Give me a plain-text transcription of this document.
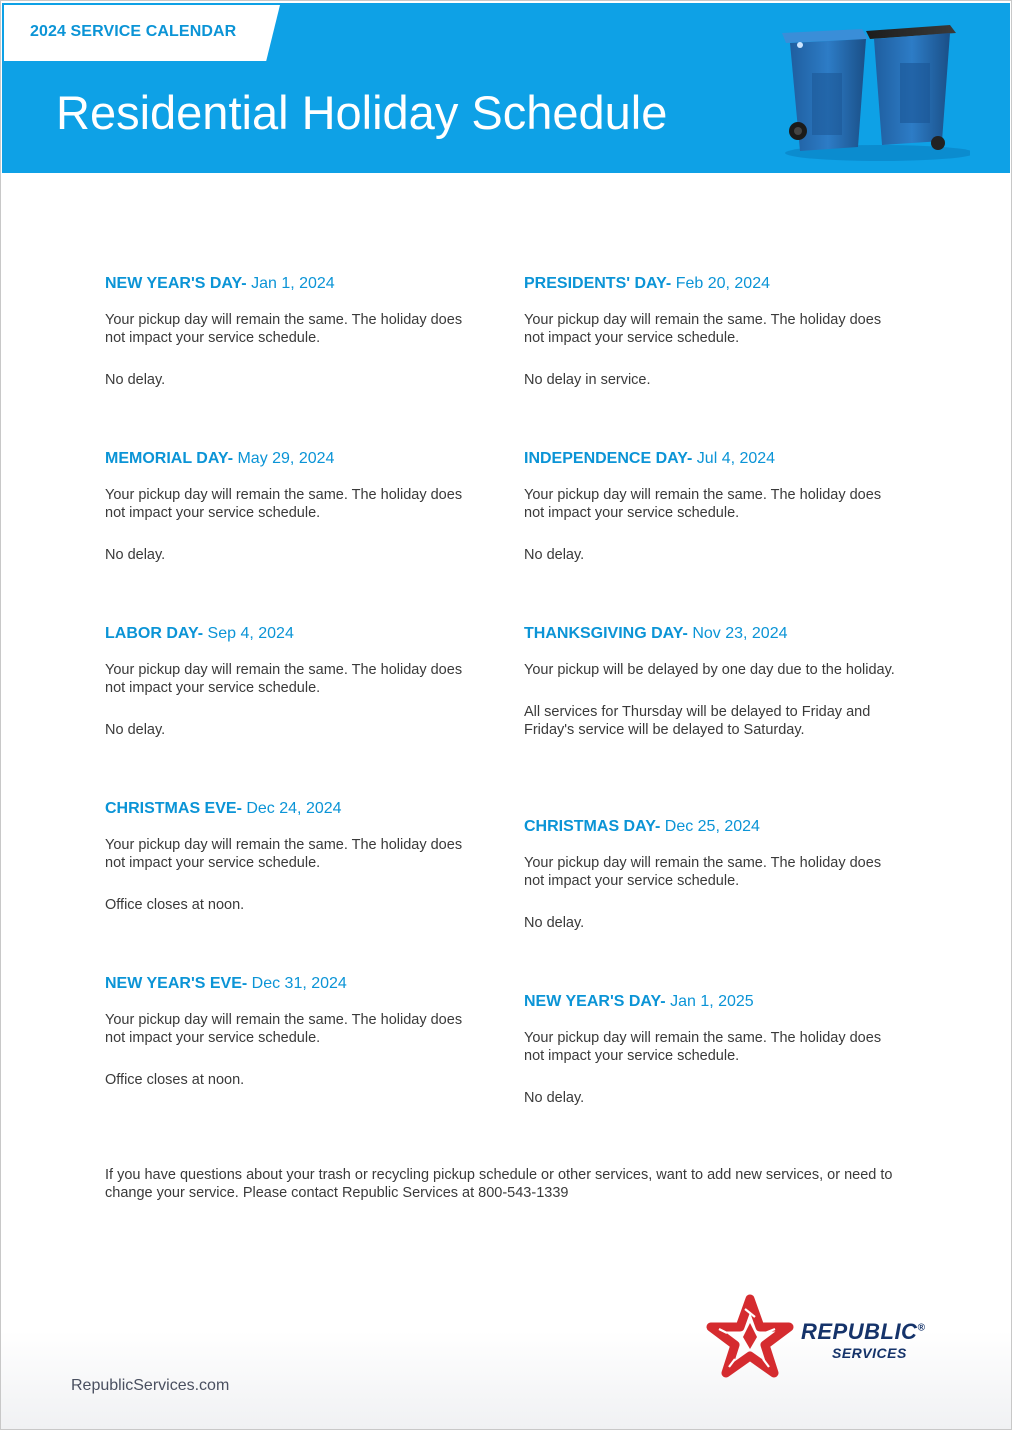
2024 SERVICE CALENDAR
Residential Holiday Schedule
NEW YEAR'S DAY- Jan 1, 2024
Your pickup day will remain the same. The holiday does not impact your service schedule.
No delay.
MEMORIAL DAY- May 29, 2024
Your pickup day will remain the same. The holiday does not impact your service schedule.
No delay.
LABOR DAY- Sep 4, 2024
Your pickup day will remain the same. The holiday does not impact your service schedule.
No delay.
CHRISTMAS EVE- Dec 24, 2024
Your pickup day will remain the same. The holiday does not impact your service schedule.
Office closes at noon.
NEW YEAR'S EVE- Dec 31, 2024
Your pickup day will remain the same. The holiday does not impact your service schedule.
Office closes at noon.
PRESIDENTS' DAY- Feb 20, 2024
Your pickup day will remain the same. The holiday does not impact your service schedule.
No delay in service.
INDEPENDENCE DAY- Jul 4, 2024
Your pickup day will remain the same. The holiday does not impact your service schedule.
No delay.
THANKSGIVING DAY- Nov 23, 2024
Your pickup will be delayed by one day due to the holiday.
All services for Thursday will be delayed to Friday and Friday's service will be delayed to Saturday.
CHRISTMAS DAY- Dec 25, 2024
Your pickup day will remain the same. The holiday does not impact your service schedule.
No delay.
NEW YEAR'S DAY- Jan 1, 2025
Your pickup day will remain the same. The holiday does not impact your service schedule.
No delay.
If you have questions about your trash or recycling pickup schedule or other services, want to add new services, or need to change your service. Please contact Republic Services at 800-543-1339
REPUBLIC®
SERVICES
RepublicServices.com
